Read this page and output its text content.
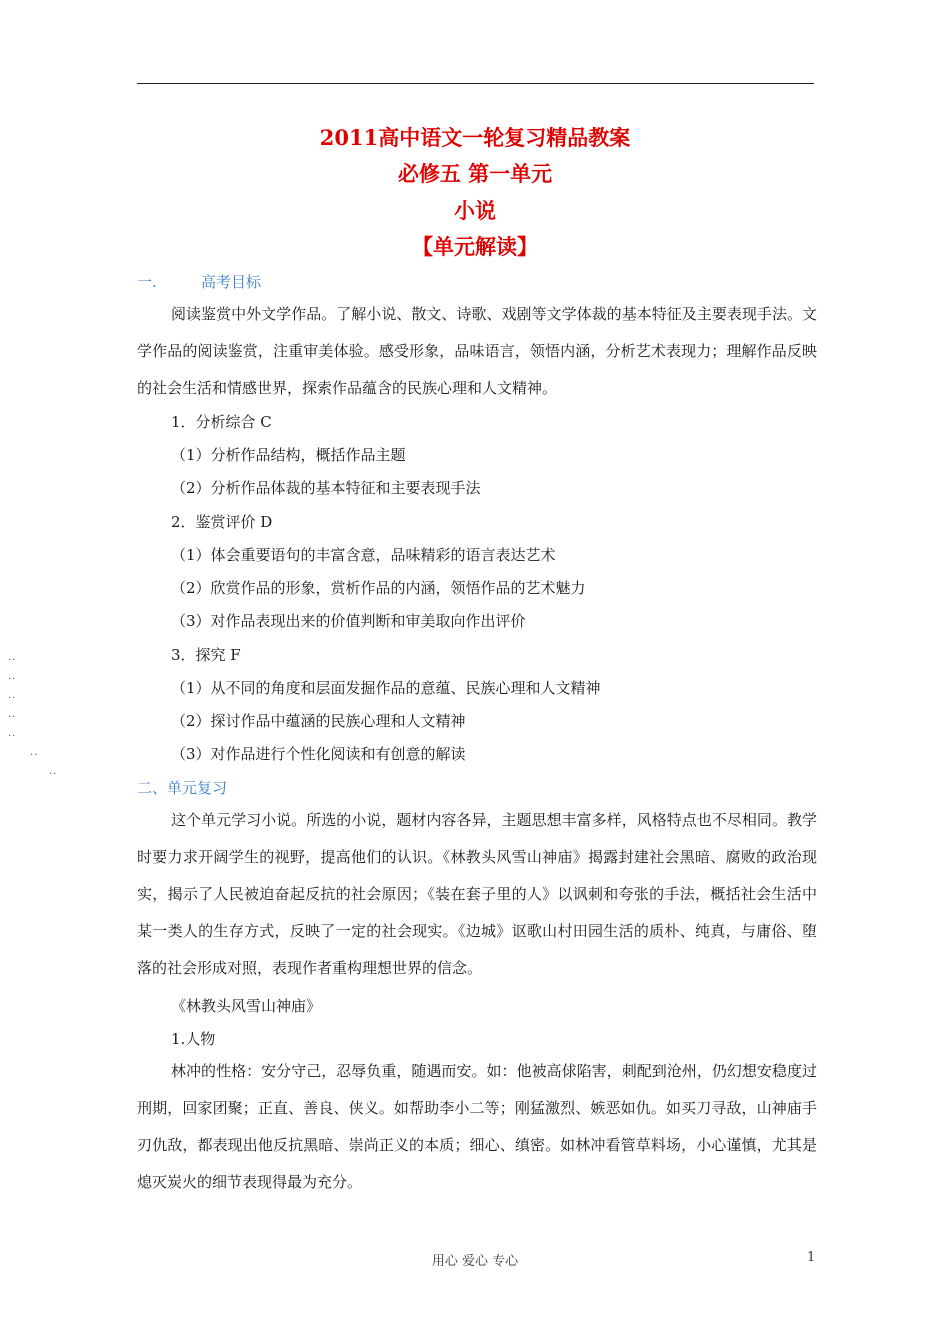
2011高中语文一轮复习精品教案
必修五 第一单元
小说
【单元解读】
一.	高考目标
阅读鉴赏中外文学作品。了解小说、散文、诗歌、戏剧等文学体裁的基本特征及主要表现手法。文学作品的阅读鉴赏，注重审美体验。感受形象，品味语言，领悟内涵，分析艺术表现力；理解作品反映的社会生活和情感世界，探索作品蕴含的民族心理和人文精神。
1．分析综合 C
（1）分析作品结构，概括作品主题
（2）分析作品体裁的基本特征和主要表现手法
2．鉴赏评价 D
（1）体会重要语句的丰富含意，品味精彩的语言表达艺术
（2）欣赏作品的形象，赏析作品的内涵，领悟作品的艺术魅力
（3）对作品表现出来的价值判断和审美取向作出评价
3．探究 F
（1）从不同的角度和层面发掘作品的意蕴、民族心理和人文精神
（2）探讨作品中蕴涵的民族心理和人文精神
（3）对作品进行个性化阅读和有创意的解读
..
..
..
..
..
..
..
二、单元复习
这个单元学习小说。所选的小说，题材内容各异，主题思想丰富多样，风格特点也不尽相同。教学时要力求开阔学生的视野，提高他们的认识。《林教头风雪山神庙》揭露封建社会黑暗、腐败的政治现实，揭示了人民被迫奋起反抗的社会原因；《装在套子里的人》以讽刺和夸张的手法，概括社会生活中某一类人的生存方式，反映了一定的社会现实。《边城》讴歌山村田园生活的质朴、纯真，与庸俗、堕落的社会形成对照，表现作者重构理想世界的信念。
《林教头风雪山神庙》
1.人物
林冲的性格：安分守己，忍辱负重，随遇而安。如：他被高俅陷害，刺配到沧州，仍幻想安稳度过刑期，回家团聚；正直、善良、侠义。如帮助李小二等；刚猛激烈、嫉恶如仇。如买刀寻敌，山神庙手刃仇敌，都表现出他反抗黑暗、崇尚正义的本质；细心、缜密。如林冲看管草料场，小心谨慎，尤其是熄灭炭火的细节表现得最为充分。
用心 爱心 专心	1
